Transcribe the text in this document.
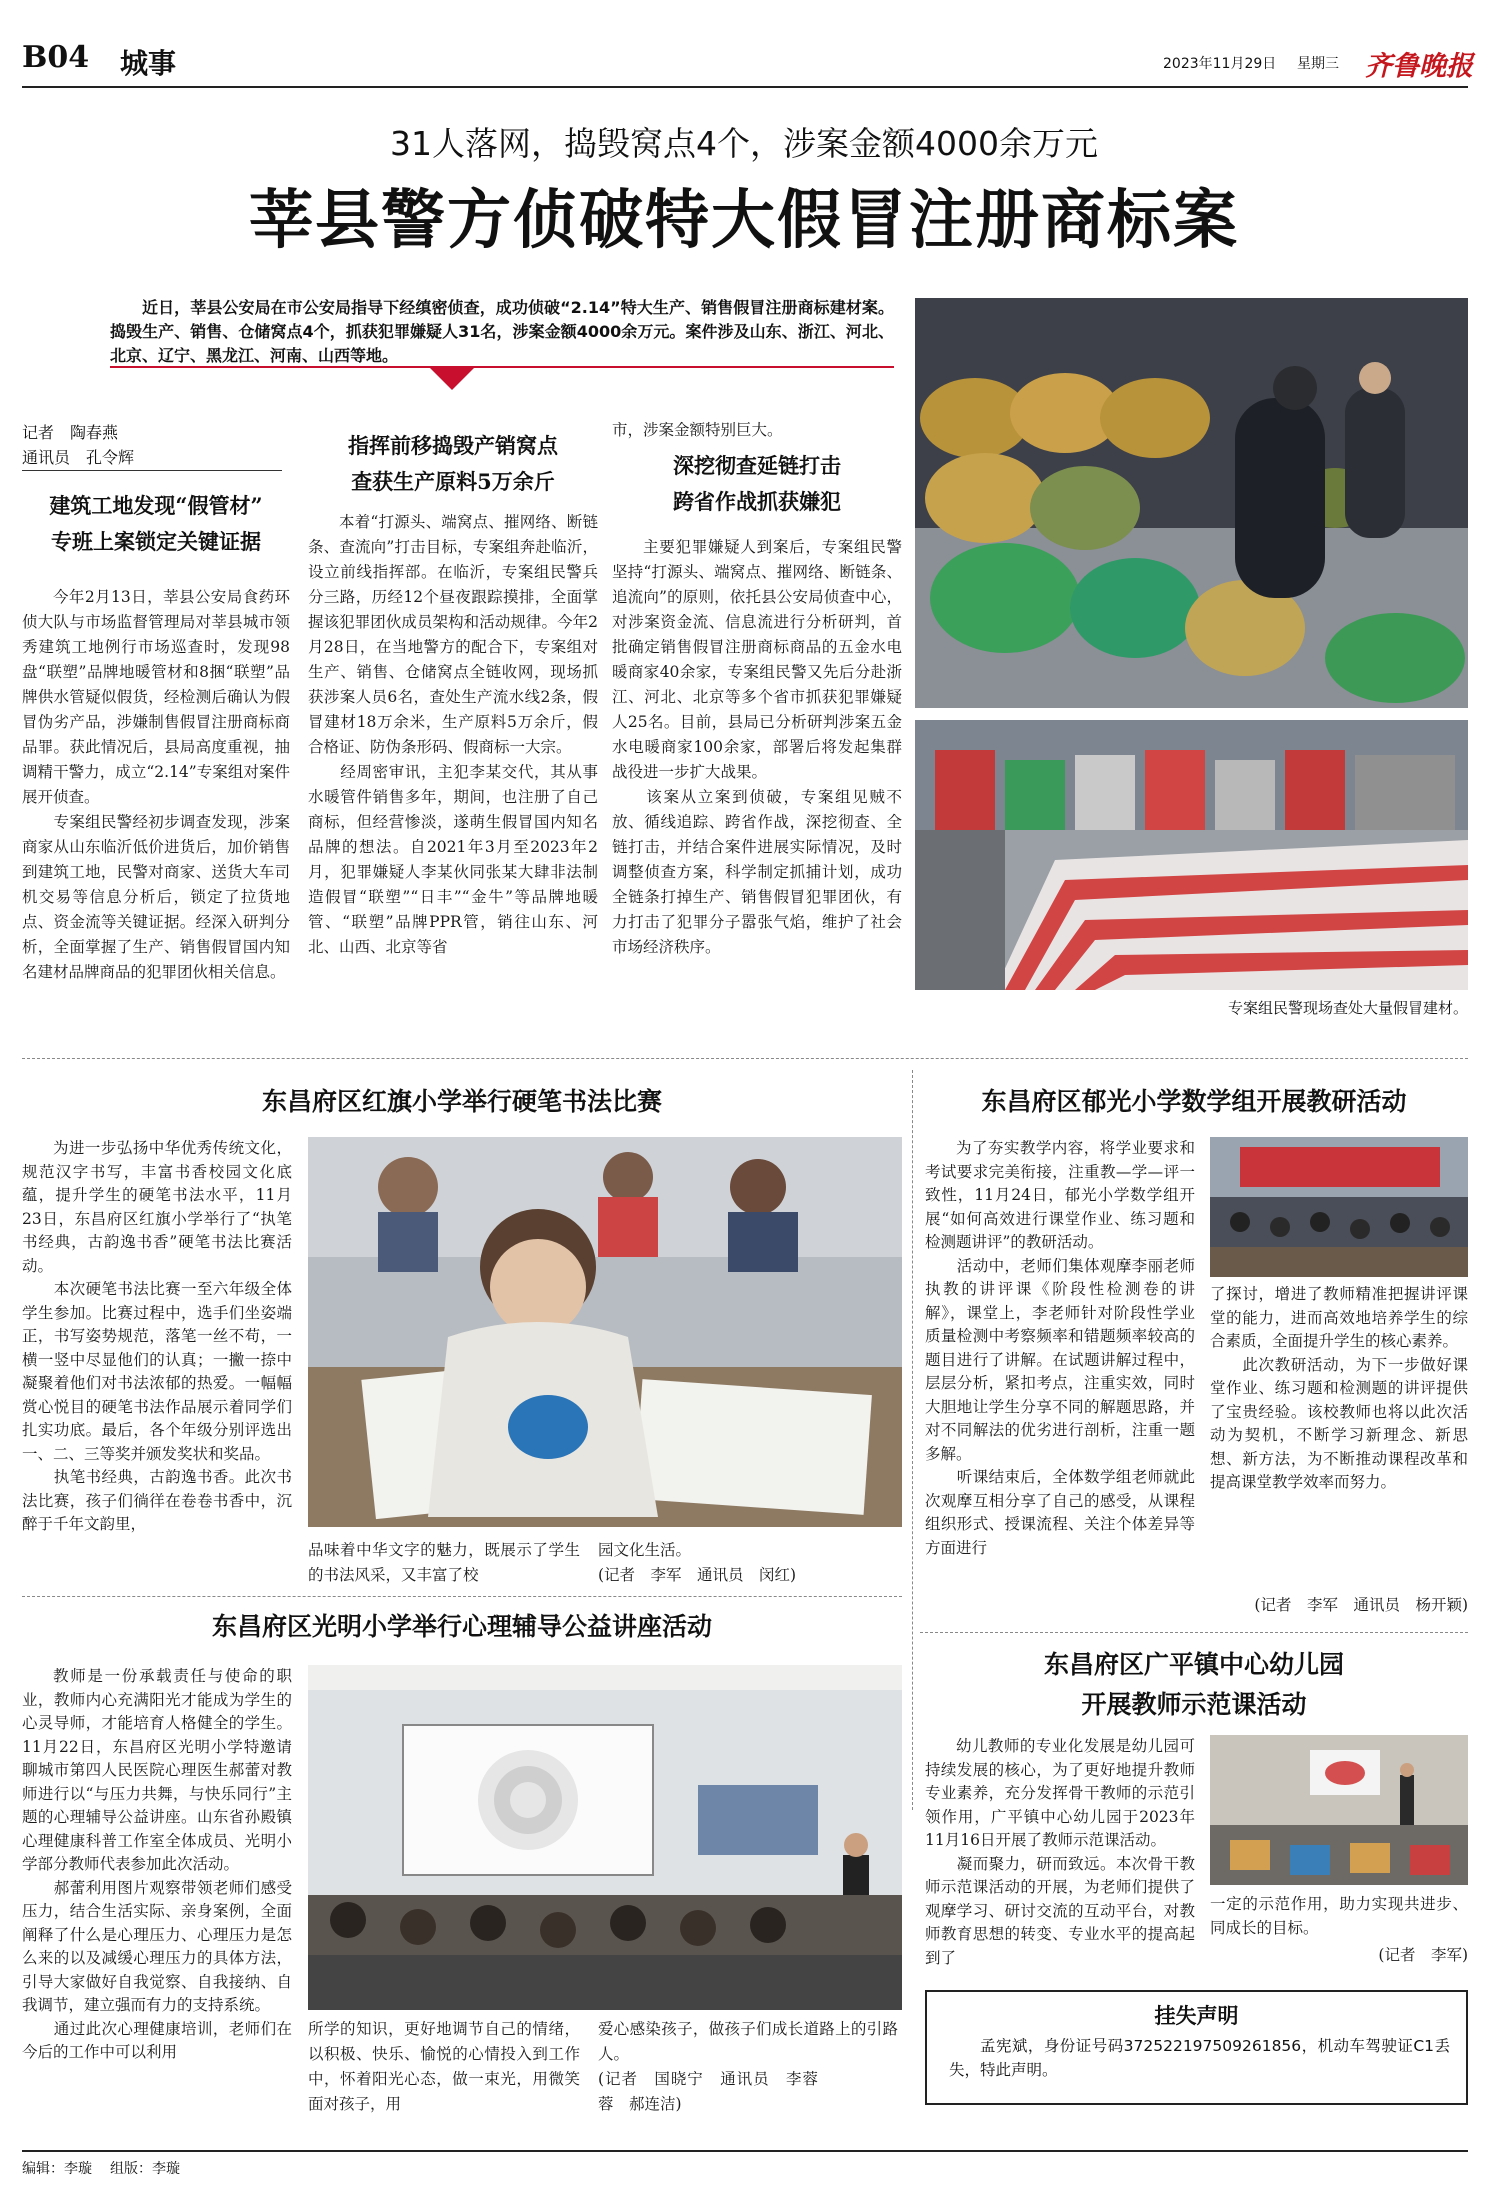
B04 城事	2023年11月29日 星期三 齐鲁晚报
31人落网，捣毁窝点4个，涉案金额4000余万元
莘县警方侦破特大假冒注册商标案
近日，莘县公安局在市公安局指导下经缜密侦查，成功侦破“2.14”特大生产、销售假冒注册商标建材案。捣毁生产、销售、仓储窝点4个，抓获犯罪嫌疑人31名，涉案金额4000余万元。案件涉及山东、浙江、河北、北京、辽宁、黑龙江、河南、山西等地。
记者　陶春燕
通讯员　孔令辉
建筑工地发现“假管材”
专班上案锁定关键证据
今年2月13日，莘县公安局食药环侦大队与市场监督管理局对莘县城市领秀建筑工地例行市场巡查时，发现98盘“联塑”品牌地暖管材和8捆“联塑”品牌供水管疑似假货，经检测后确认为假冒伪劣产品，涉嫌制售假冒注册商标商品罪。获此情况后，县局高度重视，抽调精干警力，成立“2.14”专案组对案件展开侦查。
　　专案组民警经初步调查发现，涉案商家从山东临沂低价进货后，加价销售到建筑工地，民警对商家、送货大车司机交易等信息分析后，锁定了拉货地点、资金流等关键证据。经深入研判分析，全面掌握了生产、销售假冒国内知名建材品牌商品的犯罪团伙相关信息。
指挥前移捣毁产销窝点
查获生产原料5万余斤
本着“打源头、端窝点、摧网络、断链条、查流向”打击目标，专案组奔赴临沂，设立前线指挥部。在临沂，专案组民警兵分三路，历经12个昼夜跟踪摸排，全面掌握该犯罪团伙成员架构和活动规律。今年2月28日，在当地警方的配合下，专案组对生产、销售、仓储窝点全链收网，现场抓获涉案人员6名，查处生产流水线2条，假冒建材18万余米，生产原料5万余斤，假合格证、防伪条形码、假商标一大宗。
　　经周密审讯，主犯李某交代，其从事水暖管件销售多年，期间，也注册了自己商标，但经营惨淡，遂萌生假冒国内知名品牌的想法。自2021年3月至2023年2月，犯罪嫌疑人李某伙同张某大肆非法制造假冒“联塑”“日丰”“金牛”等品牌地暖管、“联塑”品牌PPR管，销往山东、河北、山西、北京等省
市，涉案金额特别巨大。
深挖彻查延链打击
跨省作战抓获嫌犯
主要犯罪嫌疑人到案后，专案组民警坚持“打源头、端窝点、摧网络、断链条、追流向”的原则，依托县公安局侦查中心，对涉案资金流、信息流进行分析研判，首批确定销售假冒注册商标商品的五金水电暖商家40余家，专案组民警又先后分赴浙江、河北、北京等多个省市抓获犯罪嫌疑人25名。目前，县局已分析研判涉案五金水电暖商家100余家，部署后将发起集群战役进一步扩大战果。
　　该案从立案到侦破，专案组见贼不放、循线追踪、跨省作战，深挖彻查、全链打击，并结合案件进展实际情况，及时调整侦查方案，科学制定抓捕计划，成功全链条打掉生产、销售假冒犯罪团伙，有力打击了犯罪分子嚣张气焰，维护了社会市场经济秩序。
专案组民警现场查处大量假冒建材。
东昌府区红旗小学举行硬笔书法比赛
为进一步弘扬中华优秀传统文化，规范汉字书写，丰富书香校园文化底蕴，提升学生的硬笔书法水平，11月23日，东昌府区红旗小学举行了“执笔书经典，古韵逸书香”硬笔书法比赛活动。
　　本次硬笔书法比赛一至六年级全体学生参加。比赛过程中，选手们坐姿端正，书写姿势规范，落笔一丝不苟，一横一竖中尽显他们的认真；一撇一捺中凝聚着他们对书法浓郁的热爱。一幅幅赏心悦目的硬笔书法作品展示着同学们扎实功底。最后，各个年级分别评选出一、二、三等奖并颁发奖状和奖品。
　　执笔书经典，古韵逸书香。此次书法比赛，孩子们徜徉在卷卷书香中，沉醉于千年文韵里，
品味着中华文字的魅力，既展示了学生的书法风采，又丰富了校
园文化生活。
(记者　李军　通讯员　闵红)
东昌府区光明小学举行心理辅导公益讲座活动
教师是一份承载责任与使命的职业，教师内心充满阳光才能成为学生的心灵导师，才能培育人格健全的学生。11月22日，东昌府区光明小学特邀请聊城市第四人民医院心理医生郝蕾对教师进行以“与压力共舞，与快乐同行”主题的心理辅导公益讲座。山东省孙殿镇心理健康科普工作室全体成员、光明小学部分教师代表参加此次活动。
　　郝蕾利用图片观察带领老师们感受压力，结合生活实际、亲身案例，全面阐释了什么是心理压力、心理压力是怎么来的以及减缓心理压力的具体方法，引导大家做好自我觉察、自我接纳、自我调节，建立强而有力的支持系统。
　　通过此次心理健康培训，老师们在今后的工作中可以利用
所学的知识，更好地调节自己的情绪，以积极、快乐、愉悦的心情投入到工作中，怀着阳光心态，做一束光，用微笑面对孩子，用
爱心感染孩子，做孩子们成长道路上的引路人。
(记者　国晓宁　通讯员　李蓉蓉　郝连洁)
东昌府区郁光小学数学组开展教研活动
为了夯实教学内容，将学业要求和考试要求完美衔接，注重教—学—评一致性，11月24日，郁光小学数学组开展“如何高效进行课堂作业、练习题和检测题讲评”的教研活动。
　　活动中，老师们集体观摩李丽老师执教的讲评课《阶段性检测卷的讲解》，课堂上，李老师针对阶段性学业质量检测中考察频率和错题频率较高的题目进行了讲解。在试题讲解过程中，层层分析，紧扣考点，注重实效，同时大胆地让学生分享不同的解题思路，并对不同解法的优劣进行剖析，注重一题多解。
　　听课结束后，全体数学组老师就此次观摩互相分享了自己的感受，从课程组织形式、授课流程、关注个体差异等方面进行
了探讨，增进了教师精准把握讲评课堂的能力，进而高效地培养学生的综合素质，全面提升学生的核心素养。
　　此次教研活动，为下一步做好课堂作业、练习题和检测题的讲评提供了宝贵经验。该校教师也将以此次活动为契机，不断学习新理念、新思想、新方法，为不断推动课程改革和提高课堂教学效率而努力。
(记者　李军　通讯员　杨开颖)
东昌府区广平镇中心幼儿园
开展教师示范课活动
幼儿教师的专业化发展是幼儿园可持续发展的核心，为了更好地提升教师专业素养，充分发挥骨干教师的示范引领作用，广平镇中心幼儿园于2023年11月16日开展了教师示范课活动。
　　凝而聚力，研而致远。本次骨干教师示范课活动的开展，为老师们提供了观摩学习、研讨交流的互动平台，对教师教育思想的转变、专业水平的提高起到了
一定的示范作用，助力实现共进步、同成长的目标。
(记者　李军)
挂失声明
孟宪斌，身份证号码372522197509261856，机动车驾驶证C1丢失，特此声明。
编辑：李璇 组版：李璇
